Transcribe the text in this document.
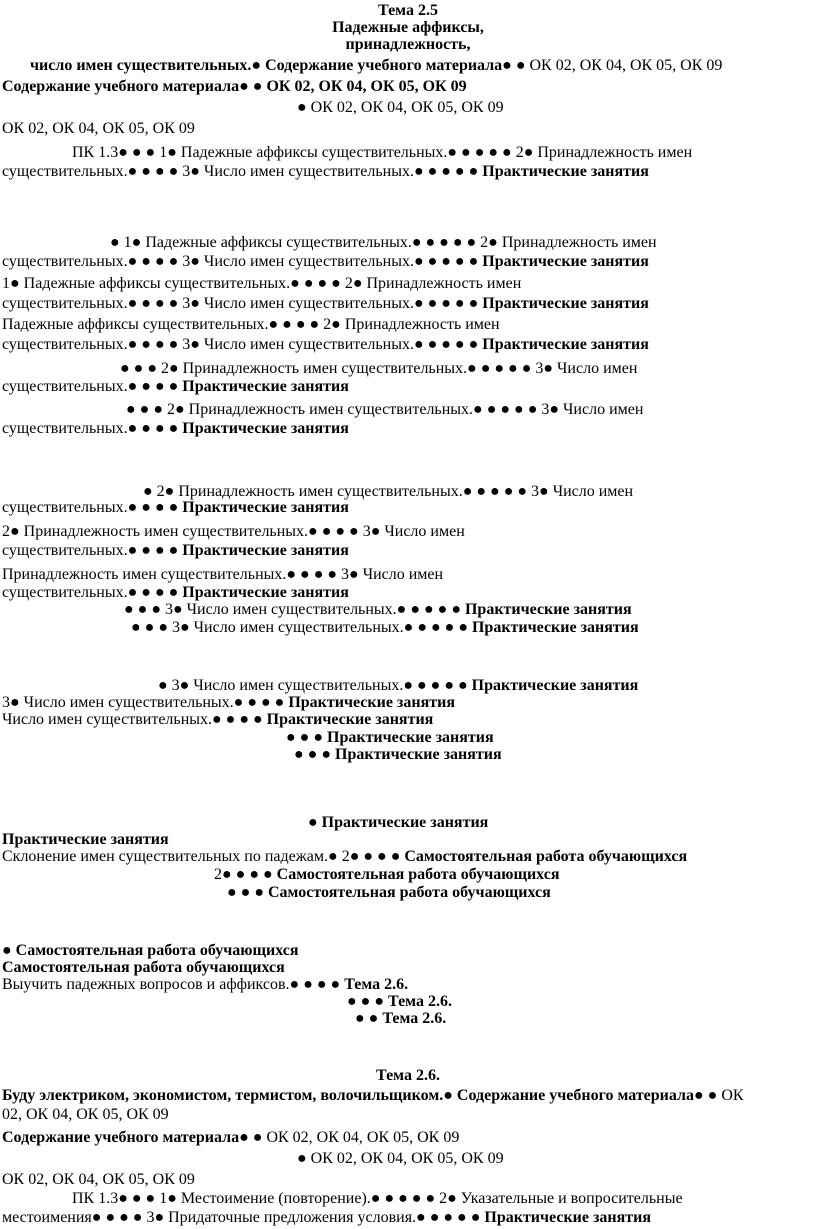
Тема 2.5
Падежные аффиксы,
принадлежность,
число имен существительных.● Содержание учебного материала● ● ОК 02, ОК 04, ОК 05, ОК 09
Содержание учебного материала● ● ОК 02, ОК 04, ОК 05, ОК 09
● ОК 02, ОК 04, ОК 05, ОК 09
ОК 02, ОК 04, ОК 05, ОК 09
ПК 1.3● ● ● 1● Падежные аффиксы существительных.● ● ● ● ● 2● Принадлежность имен
существительных.● ● ● ● 3● Число имен существительных.● ● ● ● ● Практические занятия
● 1● Падежные аффиксы существительных.● ● ● ● ● 2● Принадлежность имен
существительных.● ● ● ● 3● Число имен существительных.● ● ● ● ● Практические занятия
1● Падежные аффиксы существительных.● ● ● ● 2● Принадлежность имен
существительных.● ● ● ● 3● Число имен существительных.● ● ● ● ● Практические занятия
Падежные аффиксы существительных.● ● ● ● 2● Принадлежность имен
существительных.● ● ● ● 3● Число имен существительных.● ● ● ● ● Практические занятия
● ● ● 2● Принадлежность имен существительных.● ● ● ● ● 3● Число имен
существительных.● ● ● ● Практические занятия
● ● ● 2● Принадлежность имен существительных.● ● ● ● ● 3● Число имен
существительных.● ● ● ● Практические занятия
● 2● Принадлежность имен существительных.● ● ● ● ● 3● Число имен
существительных.● ● ● ● Практические занятия
2● Принадлежность имен существительных.● ● ● ● 3● Число имен
существительных.● ● ● ● Практические занятия
Принадлежность имен существительных.● ● ● ● 3● Число имен
существительных.● ● ● ● Практические занятия
● ● ● 3● Число имен существительных.● ● ● ● ● Практические занятия
● ● ● 3● Число имен существительных.● ● ● ● ● Практические занятия
● 3● Число имен существительных.● ● ● ● ● Практические занятия
3● Число имен существительных.● ● ● ● Практические занятия
Число имен существительных.● ● ● ● Практические занятия
● ● ● Практические занятия
● ● ● Практические занятия
● Практические занятия
Практические занятия
Склонение имен существительных по падежам.● 2● ● ● ● Самостоятельная работа обучающихся
2● ● ● ● Самостоятельная работа обучающихся
● ● ● Самостоятельная работа обучающихся
● Самостоятельная работа обучающихся
Самостоятельная работа обучающихся
Выучить падежных вопросов и аффиксов.● ● ● ● Тема 2.6.
● ● ● Тема 2.6.
● ● Тема 2.6.
Тема 2.6.
Буду электриком, экономистом, термистом, волочильщиком.● Содержание учебного материала● ● ОК
02, ОК 04, ОК 05, ОК 09
Содержание учебного материала● ● ОК 02, ОК 04, ОК 05, ОК 09
● ОК 02, ОК 04, ОК 05, ОК 09
ОК 02, ОК 04, ОК 05, ОК 09
ПК 1.3● ● ● 1● Местоимение (повторение).● ● ● ● ● 2● Указательные и вопросительные
местоимения● ● ● ● 3● Придаточные предложения условия.● ● ● ● ● Практические занятия
